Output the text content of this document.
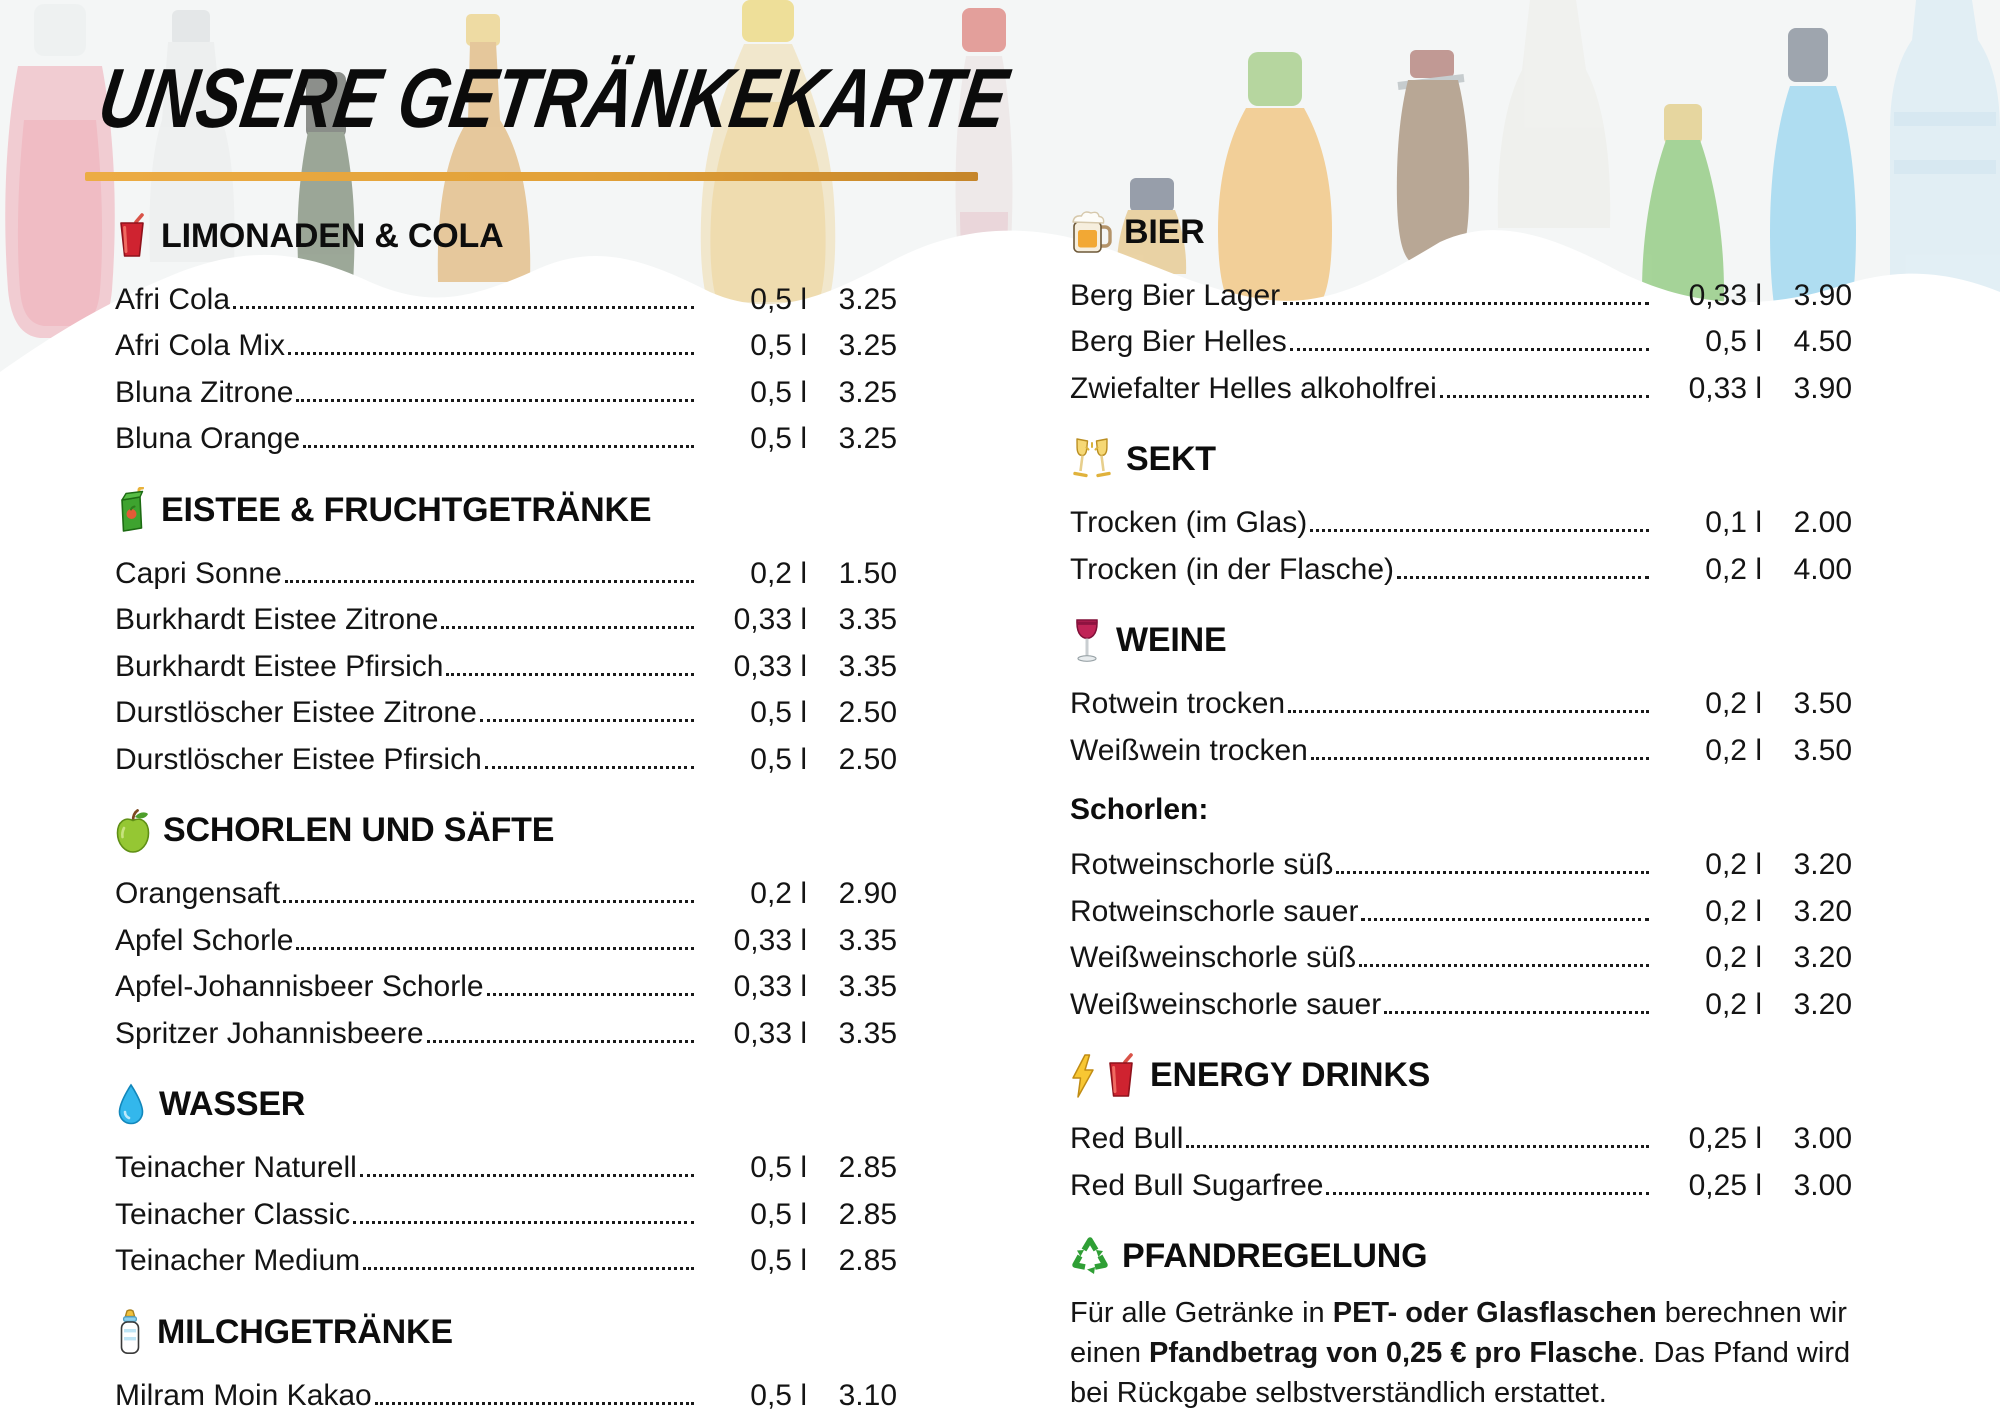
UNSERE GETRÄNKEKARTE
LIMONADEN & COLA
Afri Cola	0,5 l	3.25
Afri Cola Mix	0,5 l	3.25
Bluna Zitrone	0,5 l	3.25
Bluna Orange	0,5 l	3.25
EISTEE & FRUCHTGETRÄNKE
Capri Sonne	0,2 l	1.50
Burkhardt Eistee Zitrone	0,33 l	3.35
Burkhardt Eistee Pfirsich	0,33 l	3.35
Durstlöscher Eistee Zitrone	0,5 l	2.50
Durstlöscher Eistee Pfirsich	0,5 l	2.50
SCHORLEN UND SÄFTE
Orangensaft	0,2 l	2.90
Apfel Schorle	0,33 l	3.35
Apfel-Johannisbeer Schorle	0,33 l	3.35
Spritzer Johannisbeere	0,33 l	3.35
WASSER
Teinacher Naturell	0,5 l	2.85
Teinacher Classic	0,5 l	2.85
Teinacher Medium	0,5 l	2.85
MILCHGETRÄNKE
Milram Moin Kakao	0,5 l	3.10
BIER
Berg Bier Lager	0,33 l	3.90
Berg Bier Helles	0,5 l	4.50
Zwiefalter Helles alkoholfrei	0,33 l	3.90
SEKT
Trocken (im Glas)	0,1 l	2.00
Trocken (in der Flasche)	0,2 l	4.00
WEINE
Rotwein trocken	0,2 l	3.50
Weißwein trocken	0,2 l	3.50
Schorlen:
Rotweinschorle süß	0,2 l	3.20
Rotweinschorle sauer	0,2 l	3.20
Weißweinschorle süß	0,2 l	3.20
Weißweinschorle sauer	0,2 l	3.20
ENERGY DRINKS
Red Bull	0,25 l	3.00
Red Bull Sugarfree	0,25 l	3.00
PFANDREGELUNG

Für alle Getränke in PET- oder Glasflaschen berechnen wir einen Pfandbetrag von 0,25 € pro Flasche. Das Pfand wird bei Rückgabe selbstverständlich erstattet.
